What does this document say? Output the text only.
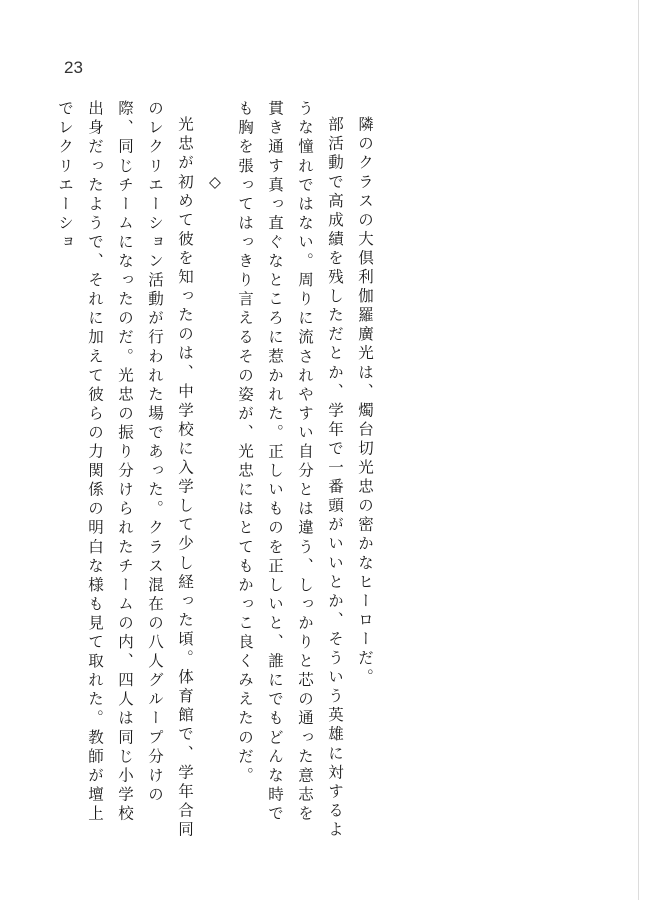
23

隣のクラスの大倶利伽羅廣光は、燭台切光忠の密かなヒーローだ。

部活動で高成績を残しただとか、学年で一番頭がいいとか、そういう英雄に対するような憧れではない。周りに流されやすい自分とは違う、しっかりと芯の通った意志を貫き通す真っ直ぐなところに惹かれた。正しいものを正しいと、誰にでもどんな時でも胸を張ってはっきり言えるその姿が、光忠にはとてもかっこ良くみえたのだ。

◇

光忠が初めて彼を知ったのは、中学校に入学して少し経った頃。体育館で、学年合同のレクリエーション活動が行われた場であった。クラス混在の八人グループ分けの際、同じチームになったのだ。光忠の振り分けられたチームの内、四人は同じ小学校出身だったようで、それに加えて彼らの力関係の明白な様も見て取れた。教師が壇上でレクリエーショ
